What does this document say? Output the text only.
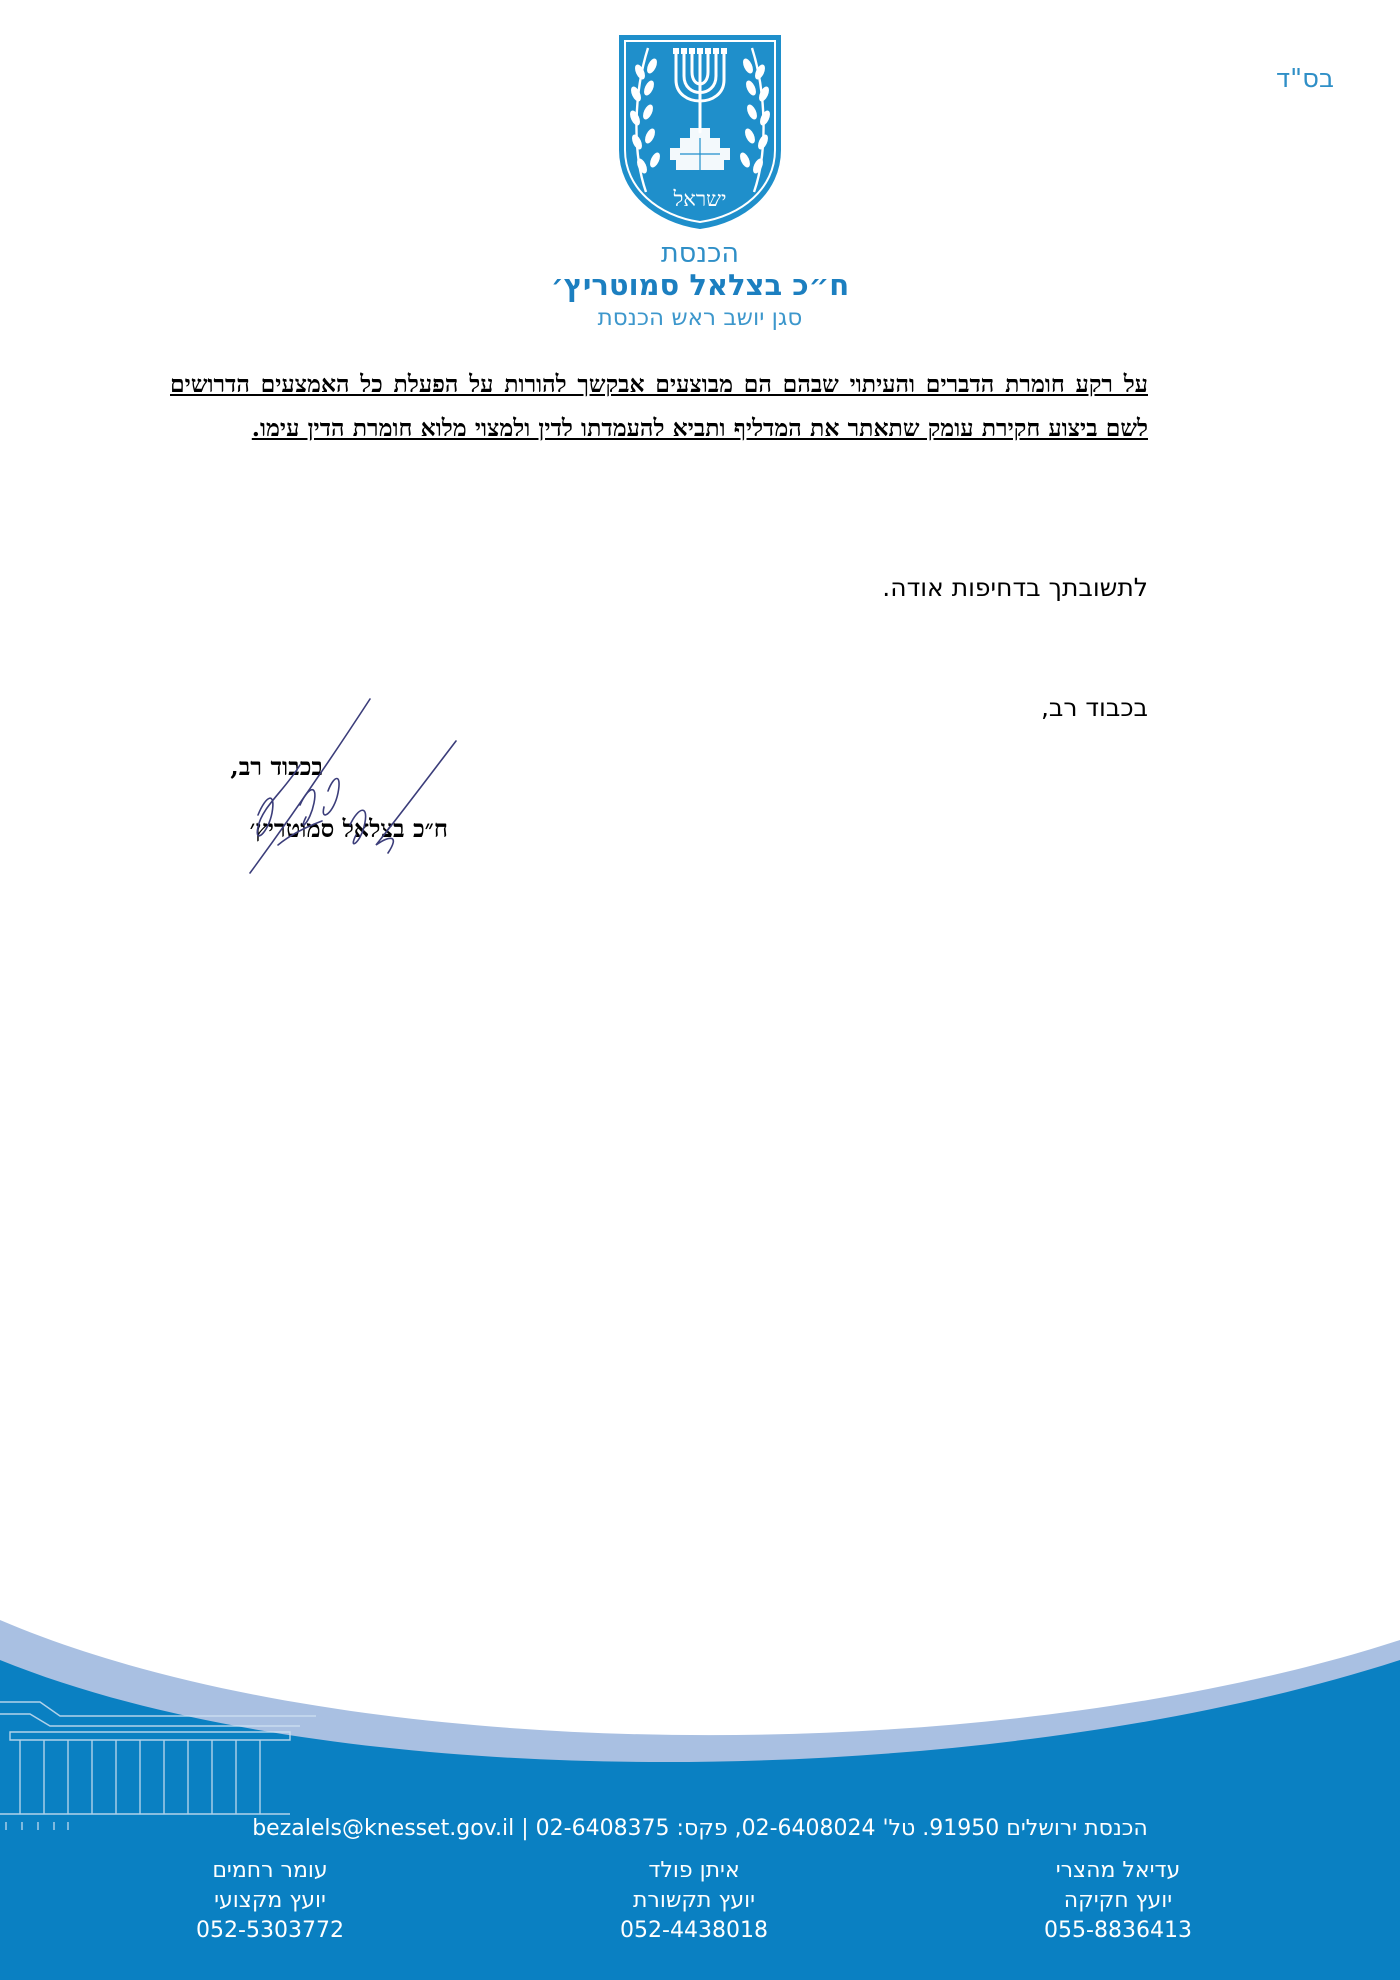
בס"ד
ישראל
הכנסת
ח״כ בצלאל סמוטריץ׳
סגן יושב ראש הכנסת
על רקע חומרת הדברים והעיתוי שבהם הם מבוצעים אבקשך להורות על הפעלת כל האמצעים הדרושים לשם ביצוע חקירת עומק שתאתר את המדליף ותביא להעמדתו לדין ולמצוי מלוא חומרת הדין עימו.
לתשובתך בדחיפות אודה.
בכבוד רב,
בכבוד רב,
ח״כ בצלאל סמוטריץ׳
הכנסת ירושלים 91950. טל' 02-6408024, פקס: 02-6408375 | bezalels@knesset.gov.il
עדיאל מהצרי
יועץ חקיקה
055-8836413
איתן פולד
יועץ תקשורת
052-4438018
עומר רחמים
יועץ מקצועי
052-5303772
